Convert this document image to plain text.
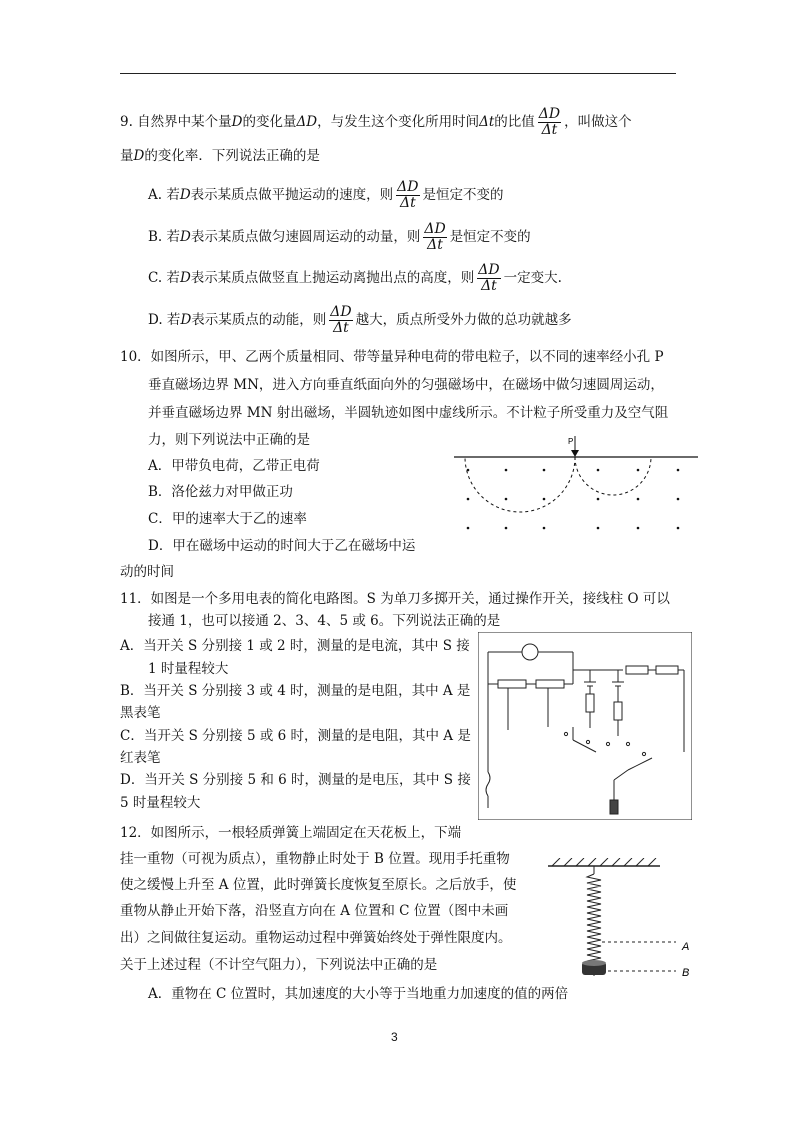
9. 自然界中某个量D的变化量ΔD，与发生这个变化所用时间Δt的比值 $\frac{\Delta D}{\Delta t}$ ，叫做这个
量D的变化率．下列说法正确的是
A. 若D表示某质点做平抛运动的速度，则 $\frac{\Delta D}{\Delta t}$ 是恒定不变的
B. 若D表示某质点做匀速圆周运动的动量，则 $\frac{\Delta D}{\Delta t}$ 是恒定不变的
C. 若D表示某质点做竖直上抛运动离抛出点的高度，则 $\frac{\Delta D}{\Delta t}$ 一定变大.
D. 若D表示某质点的动能，则 $\frac{\Delta D}{\Delta t}$ 越大，质点所受外力做的总功就越多
10．如图所示，甲、乙两个质量相同、带等量异种电荷的带电粒子，以不同的速率经小孔 P
垂直磁场边界 MN，进入方向垂直纸面向外的匀强磁场中，在磁场中做匀速圆周运动，
并垂直磁场边界 MN 射出磁场，半圆轨迹如图中虚线所示。不计粒子所受重力及空气阻
力，则下列说法中正确的是
A．甲带负电荷，乙带正电荷
B．洛伦兹力对甲做正功
C．甲的速率大于乙的速率
D．甲在磁场中运动的时间大于乙在磁场中运
动的时间
P
11．如图是一个多用电表的简化电路图。S 为单刀多掷开关，通过操作开关，接线柱 O 可以
接通 1，也可以接通 2、3、4、5 或 6。下列说法正确的是
A．当开关 S 分别接 1 或 2 时，测量的是电流，其中 S 接
1 时量程较大
B．当开关 S 分别接 3 或 4 时，测量的是电阻，其中 A 是
黑表笔
C．当开关 S 分别接 5 或 6 时，测量的是电阻，其中 A 是
红表笔
D．当开关 S 分别接 5 和 6 时，测量的是电压，其中 S 接
5 时量程较大
12．如图所示，一根轻质弹簧上端固定在天花板上，下端
挂一重物（可视为质点），重物静止时处于 B 位置。现用手托重物
使之缓慢上升至 A 位置，此时弹簧长度恢复至原长。之后放手，使
重物从静止开始下落，沿竖直方向在 A 位置和 C 位置（图中未画
出）之间做往复运动。重物运动过程中弹簧始终处于弹性限度内。
关于上述过程（不计空气阻力），下列说法中正确的是
A．重物在 C 位置时，其加速度的大小等于当地重力加速度的值的两倍
A
B
3
